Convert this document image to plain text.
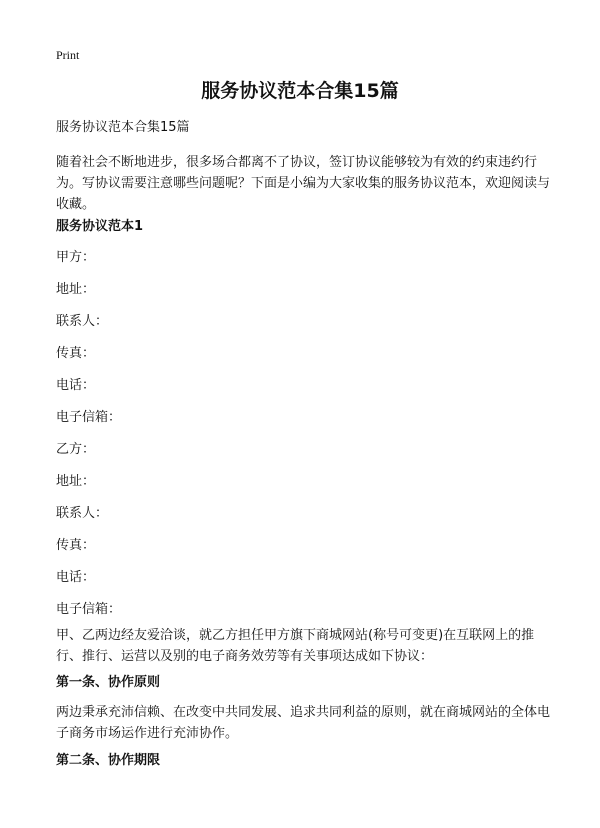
Print
服务协议范本合集15篇
服务协议范本合集15篇
随着社会不断地进步，很多场合都离不了协议，签订协议能够较为有效的约束违约行为。写协议需要注意哪些问题呢？下面是小编为大家收集的服务协议范本，欢迎阅读与收藏。
服务协议范本1
甲方：
地址：
联系人：
传真：
电话：
电子信箱：
乙方：
地址：
联系人：
传真：
电话：
电子信箱：
甲、乙两边经友爱洽谈，就乙方担任甲方旗下商城网站(称号可变更)在互联网上的推行、推行、运营以及别的电子商务效劳等有关事项达成如下协议：
第一条、协作原则
两边秉承充沛信赖、在改变中共同发展、追求共同利益的原则，就在商城网站的全体电子商务市场运作进行充沛协作。
第二条、协作期限
